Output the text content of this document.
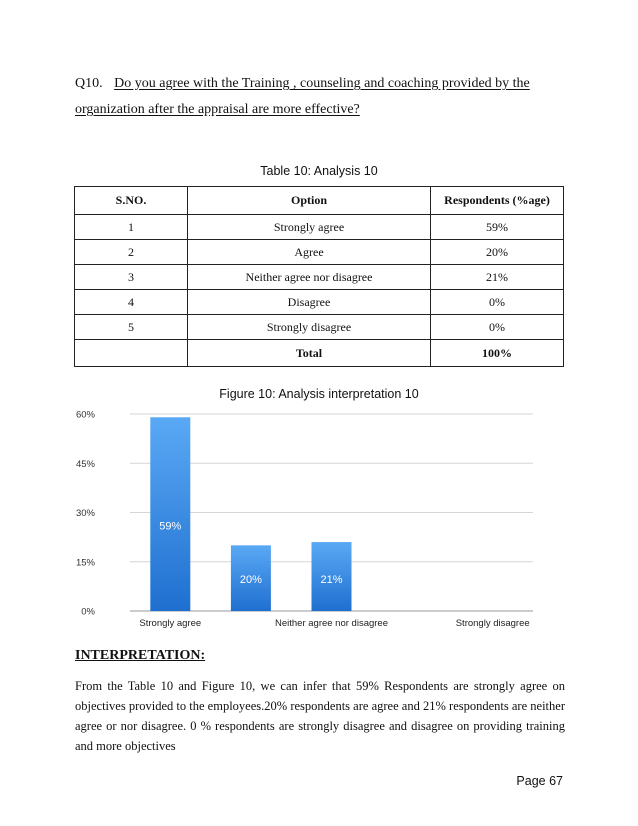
Q10. Do you agree with the Training , counseling and coaching provided by the organization after the appraisal are more effective?
Table 10: Analysis 10
S.NO.	Option	Respondents (%age)
1	Strongly agree	59%
2	Agree	20%
3	Neither agree nor disagree	21%
4	Disagree	0%
5	Strongly disagree	0%
	Total	100%
Figure 10: Analysis interpretation 10
0%
15%
30%
45%
60%
59%
Strongly agree
20%	21%
Neither agree nor disagree	Strongly disagree
INTERPRETATION:
From the Table 10 and Figure 10, we can infer that 59% Respondents are strongly agree on objectives provided to the employees.20% respondents are agree and 21% respondents are neither agree or nor disagree. 0 % respondents are strongly disagree and disagree on providing training and more objectives
Page 67
